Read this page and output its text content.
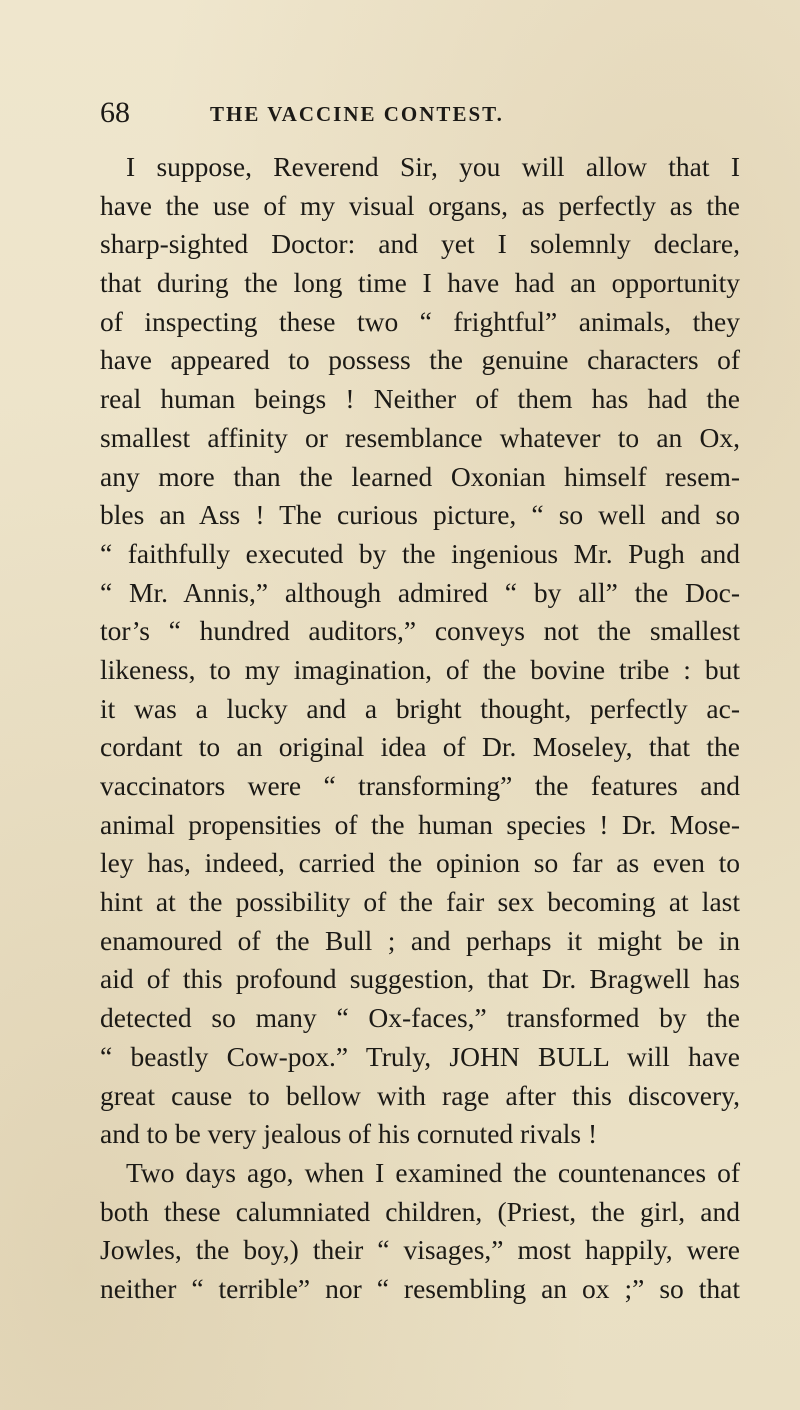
68	THE VACCINE CONTEST.
I suppose, Reverend Sir, you will allow that I
have the use of my visual organs, as perfectly as the
sharp-sighted Doctor: and yet I solemnly declare,
that during the long time I have had an opportunity
of inspecting these two “ frightful” animals, they
have appeared to possess the genuine characters of
real human beings ! Neither of them has had the
smallest affinity or resemblance whatever to an Ox,
any more than the learned Oxonian himself resem-
bles an Ass ! The curious picture, “ so well and so
“ faithfully executed by the ingenious Mr. Pugh and
“ Mr. Annis,” although admired “ by all” the Doc-
tor’s “ hundred auditors,” conveys not the smallest
likeness, to my imagination, of the bovine tribe : but
it was a lucky and a bright thought, perfectly ac-
cordant to an original idea of Dr. Moseley, that the
vaccinators were “ transforming” the features and
animal propensities of the human species ! Dr. Mose-
ley has, indeed, carried the opinion so far as even to
hint at the possibility of the fair sex becoming at last
enamoured of the Bull ; and perhaps it might be in
aid of this profound suggestion, that Dr. Bragwell has
detected so many “ Ox-faces,” transformed by the
“ beastly Cow-pox.” Truly, JOHN BULL will have
great cause to bellow with rage after this discovery,
and to be very jealous of his cornuted rivals !
Two days ago, when I examined the countenances of
both these calumniated children, (Priest, the girl, and
Jowles, the boy,) their “ visages,” most happily, were
neither “ terrible” nor “ resembling an ox ;” so that
